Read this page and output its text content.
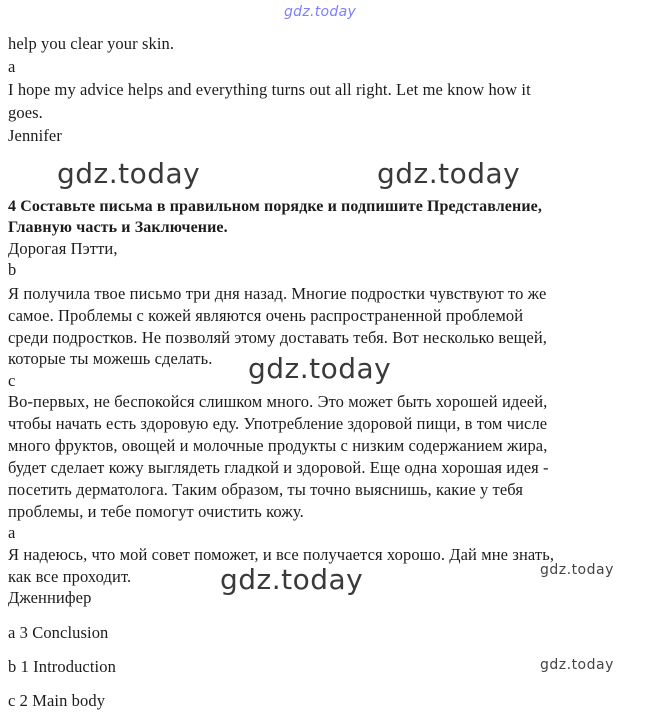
gdz.today
help you clear your skin.
a
I hope my advice helps and everything turns out all right. Let me know how it
goes.
Jennifer
gdz.today	gdz.today
4 Составьте письма в правильном порядке и подпишите Представление,
Главную часть и Заключение.
Дорогая Пэтти,
b
Я получила твое письмо три дня назад. Многие подростки чувствуют то же
самое. Проблемы с кожей являются очень распространенной проблемой
среди подростков. Не позволяй этому доставать тебя. Вот несколько вещей,
которые ты можешь сделать. gdz.today
c
Во-первых, не беспокойся слишком много. Это может быть хорошей идеей,
чтобы начать есть здоровую еду. Употребление здоровой пищи, в том числе
много фруктов, овощей и молочные продукты с низким содержанием жира,
будет сделает кожу выглядеть гладкой и здоровой. Еще одна хорошая идея -
посетить дерматолога. Таким образом, ты точно выяснишь, какие у тебя
проблемы, и тебе помогут очистить кожу.
a
Я надеюсь, что мой совет поможет, и все получается хорошо. Дай мне знать,
как все проходит.	gdz.today	gdz.today
Дженнифер
a 3 Conclusion
b 1 Introduction	gdz.today
c 2 Main body
